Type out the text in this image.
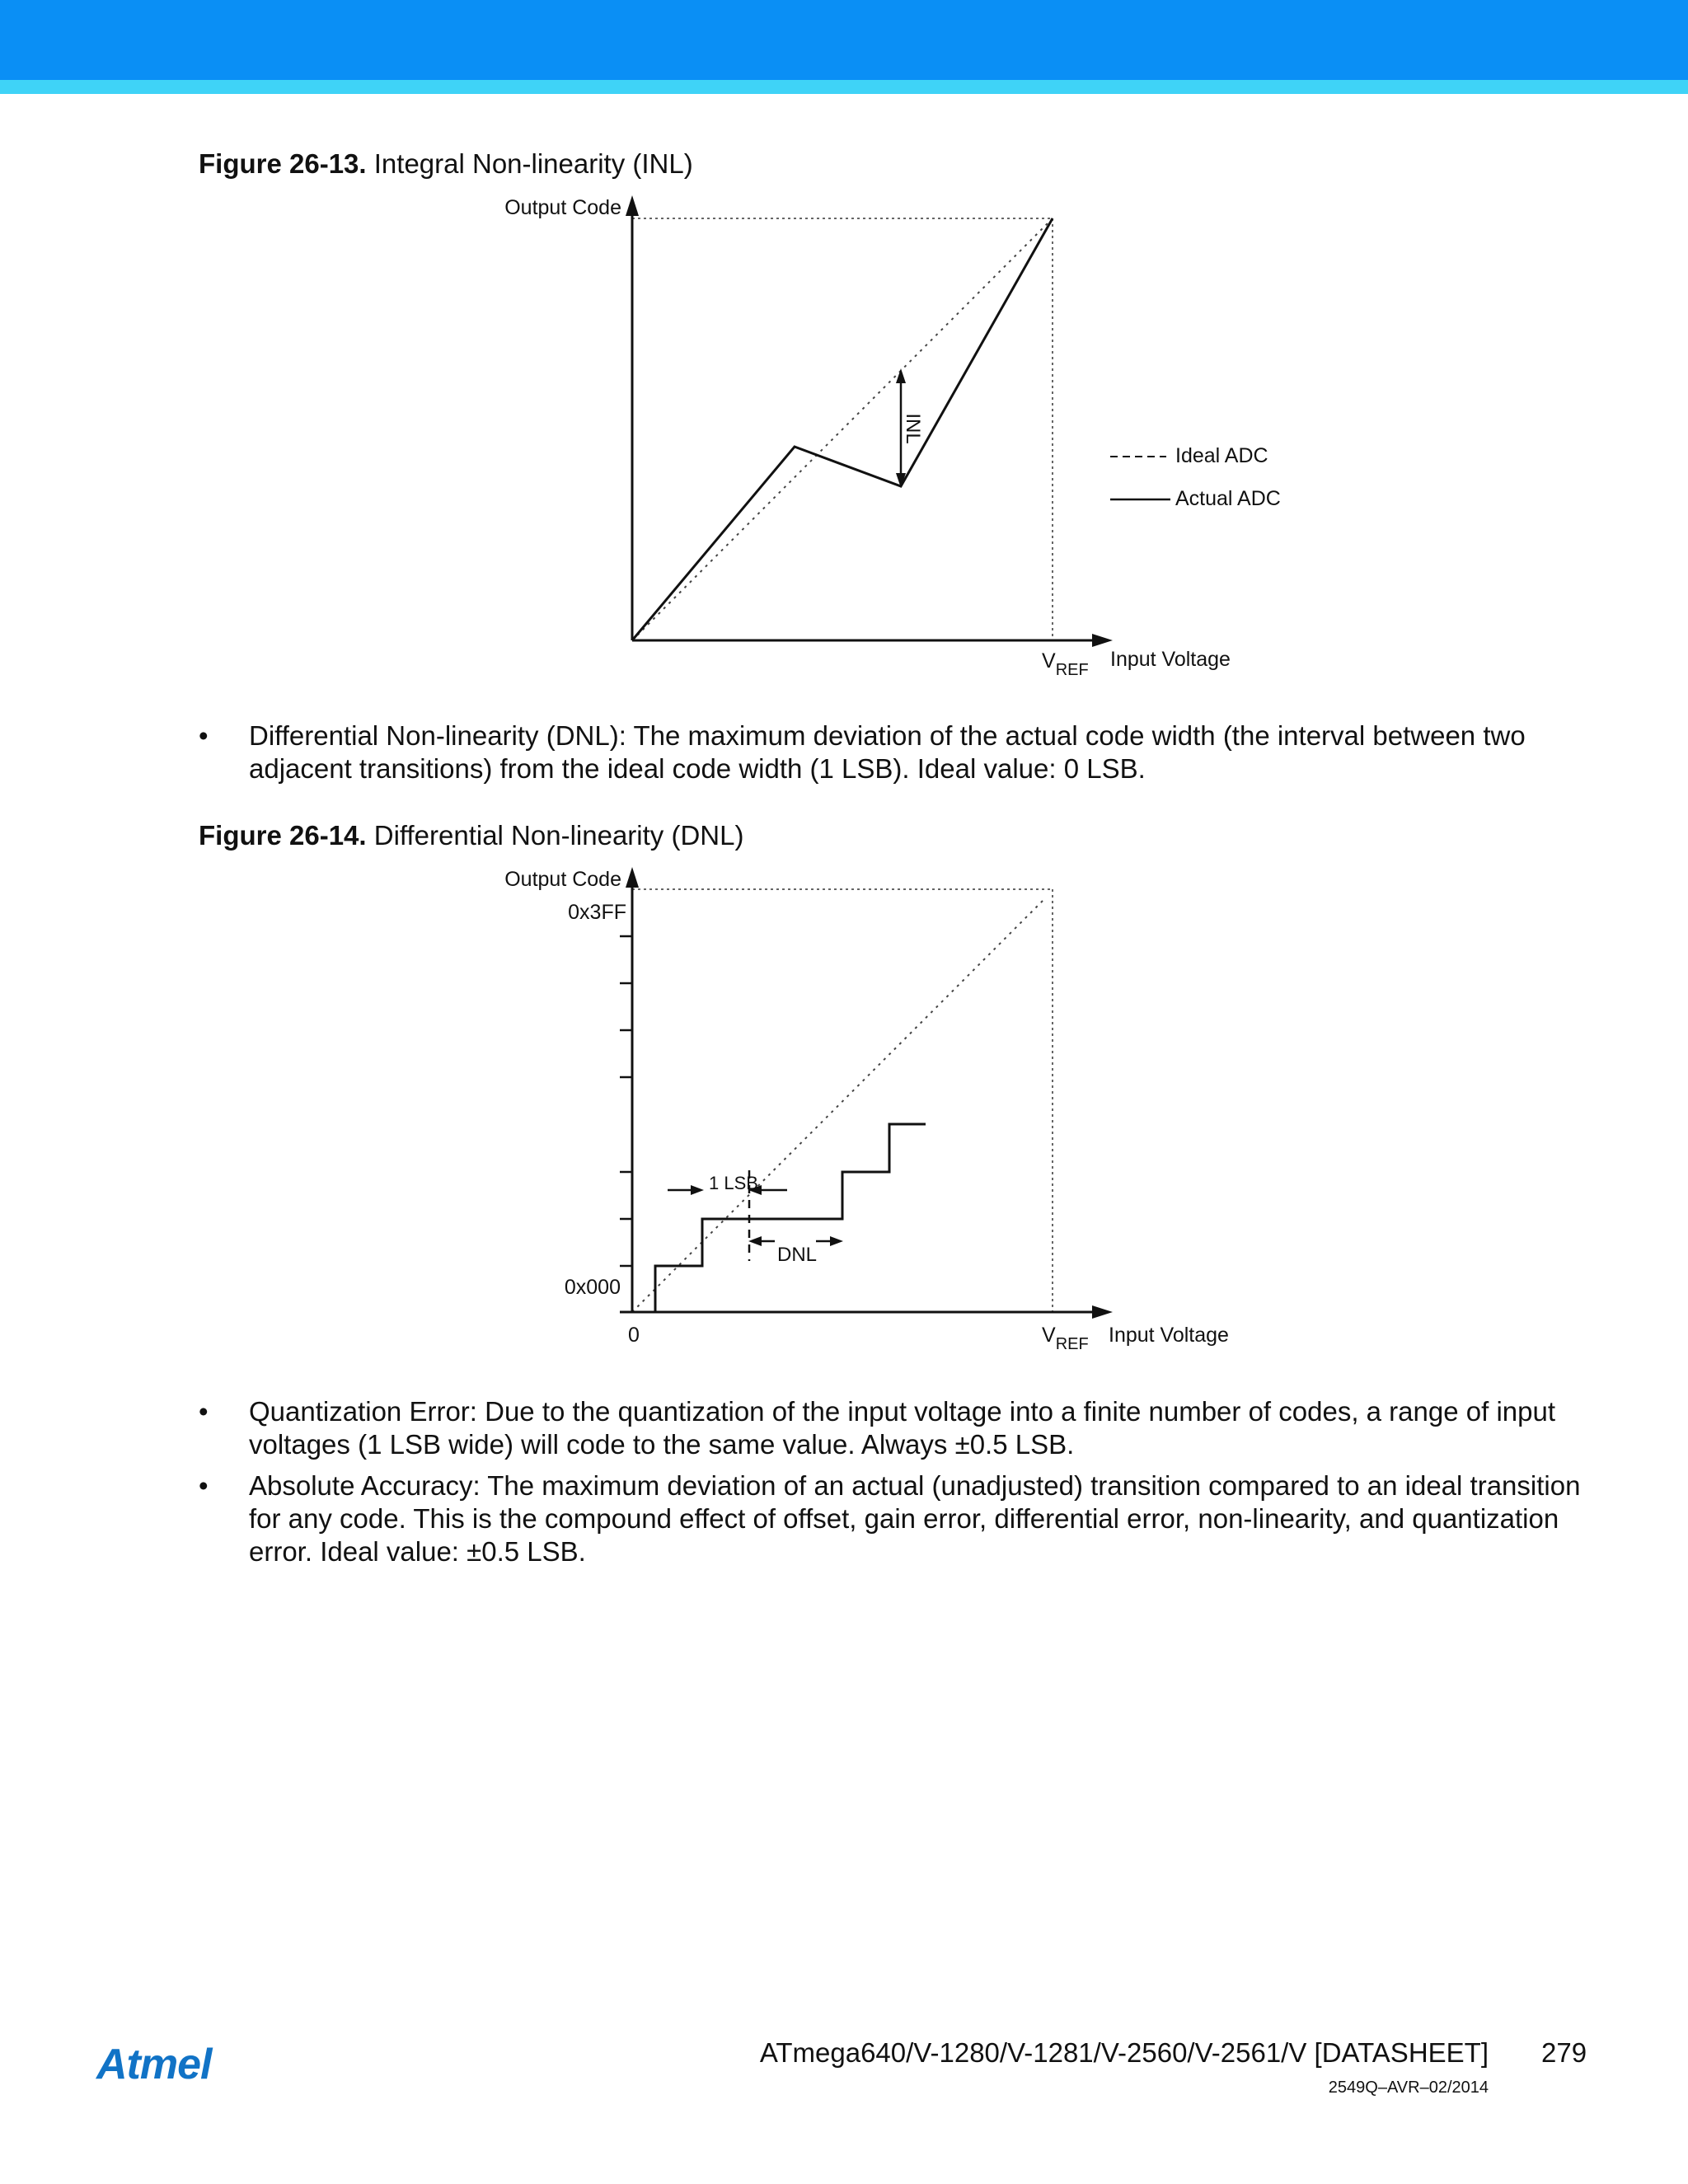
Figure 26-13. Integral Non-linearity (INL)
INL
Output Code
$V_{REF}$ Input Voltage
Ideal ADC
Actual ADC

• Differential Non-linearity (DNL): The maximum deviation of the actual code width (the interval between two adjacent transitions) from the ideal code width (1 LSB). Ideal value: 0 LSB.

Figure 26-14. Differential Non-linearity (DNL)
1 LSB
DNL
Output Code
0x3FF
0x000
0	$V_{REF}$ Input Voltage

• Quantization Error: Due to the quantization of the input voltage into a finite number of codes, a range of input voltages (1 LSB wide) will code to the same value. Always ±0.5 LSB.

• Absolute Accuracy: The maximum deviation of an actual (unadjusted) transition compared to an ideal transition for any code. This is the compound effect of offset, gain error, differential error, non-linearity, and quantization error. Ideal value: ±0.5 LSB.

Atmel	ATmega640/V-1280/V-1281/V-2560/V-2561/V [DATASHEET] 279
2549Q–AVR–02/2014
